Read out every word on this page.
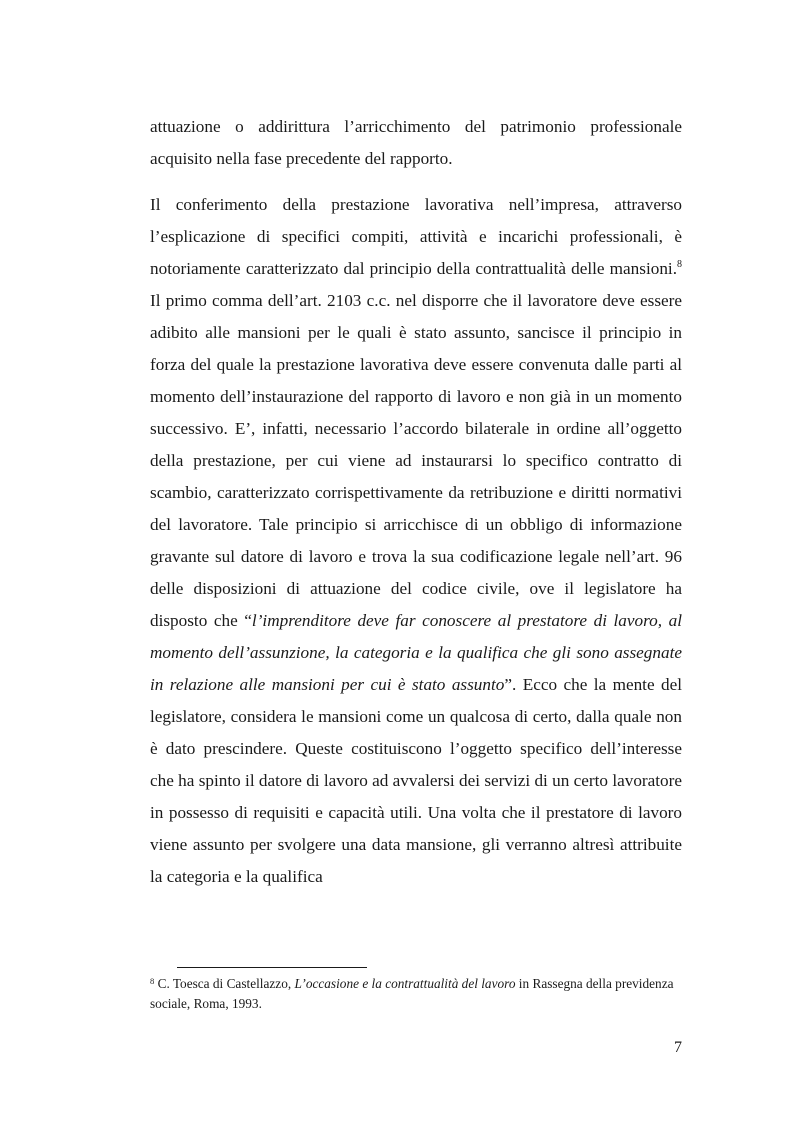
attuazione o addirittura l’arricchimento del patrimonio professionale acquisito nella fase precedente del rapporto.

Il conferimento della prestazione lavorativa nell’impresa, attraverso l’esplicazione di specifici compiti, attività e incarichi professionali, è notoriamente caratterizzato dal principio della contrattualità delle mansioni.$^8$ Il primo comma dell’art. 2103 c.c. nel disporre che il lavoratore deve essere adibito alle mansioni per le quali è stato assunto, sancisce il principio in forza del quale la prestazione lavorativa deve essere convenuta dalle parti al momento dell’instaurazione del rapporto di lavoro e non già in un momento successivo. E’, infatti, necessario l’accordo bilaterale in ordine all’oggetto della prestazione, per cui viene ad instaurarsi lo specifico contratto di scambio, caratterizzato corrispettivamente da retribuzione e diritti normativi del lavoratore. Tale principio si arricchisce di un obbligo di informazione gravante sul datore di lavoro e trova la sua codificazione legale nell’art. 96 delle disposizioni di attuazione del codice civile, ove il legislatore ha disposto che “l’imprenditore deve far conoscere al prestatore di lavoro, al momento dell’assunzione, la categoria e la qualifica che gli sono assegnate in relazione alle mansioni per cui è stato assunto”. Ecco che la mente del legislatore, considera le mansioni come un qualcosa di certo, dalla quale non è dato prescindere. Queste costituiscono l’oggetto specifico dell’interesse che ha spinto il datore di lavoro ad avvalersi dei servizi di un certo lavoratore in possesso di requisiti e capacità utili. Una volta che il prestatore di lavoro viene assunto per svolgere una data mansione, gli verranno altresì attribuite la categoria e la qualifica

$^8$ C. Toesca di Castellazzo, L’occasione e la contrattualità del lavoro in Rassegna della previdenza sociale, Roma, 1993.
7
